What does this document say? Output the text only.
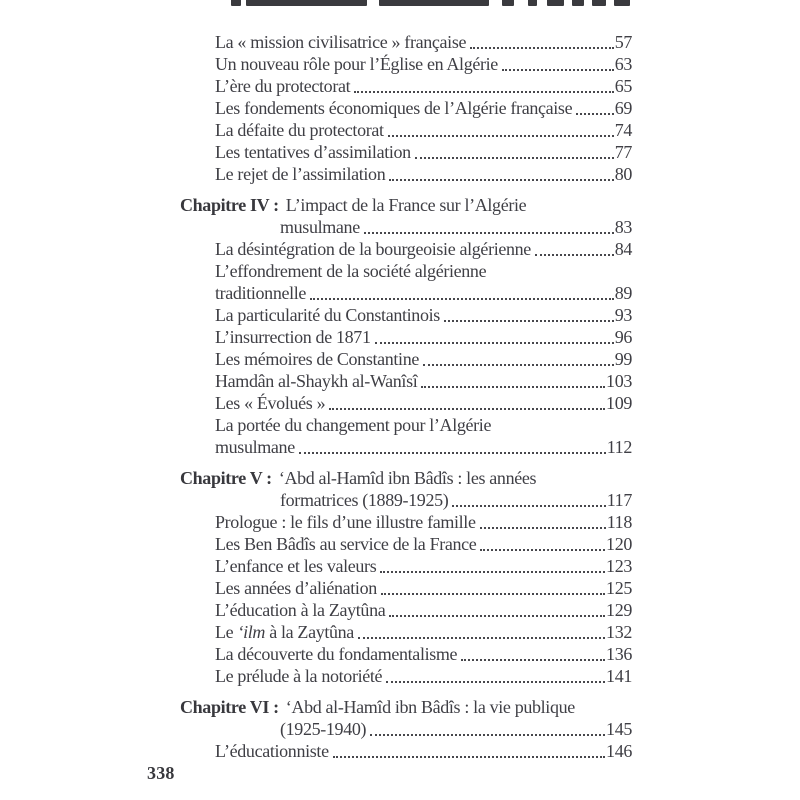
La « mission civilisatrice » française	57
Un nouveau rôle pour l’Église en Algérie	63
L’ère du protectorat	65
Les fondements économiques de l’Algérie française 69
La défaite du protectorat	74
Les tentatives d’assimilation	77
Le rejet de l’assimilation	80
Chapitre IV : L’impact de la France sur l’Algérie
musulmane	83
La désintégration de la bourgeoisie algérienne	84
L’effondrement de la société algérienne
traditionnelle	89
La particularité du Constantinois	93
L’insurrection de 1871	96
Les mémoires de Constantine	99
Hamdân al-Shaykh al-Wanîsî	103
Les « Évolués »	109
La portée du changement pour l’Algérie
musulmane	112
Chapitre V : ‘Abd al-Hamîd ibn Bâdîs : les années
formatrices (1889-1925)	117
Prologue : le fils d’une illustre famille	118
Les Ben Bâdîs au service de la France	120
L’enfance et les valeurs	123
Les années d’aliénation	125
L’éducation à la Zaytûna	129
Le ‘ilm à la Zaytûna	132
La découverte du fondamentalisme	136
Le prélude à la notoriété	141
Chapitre VI : ‘Abd al-Hamîd ibn Bâdîs : la vie publique
(1925-1940)	145
L’éducationniste	146
338
